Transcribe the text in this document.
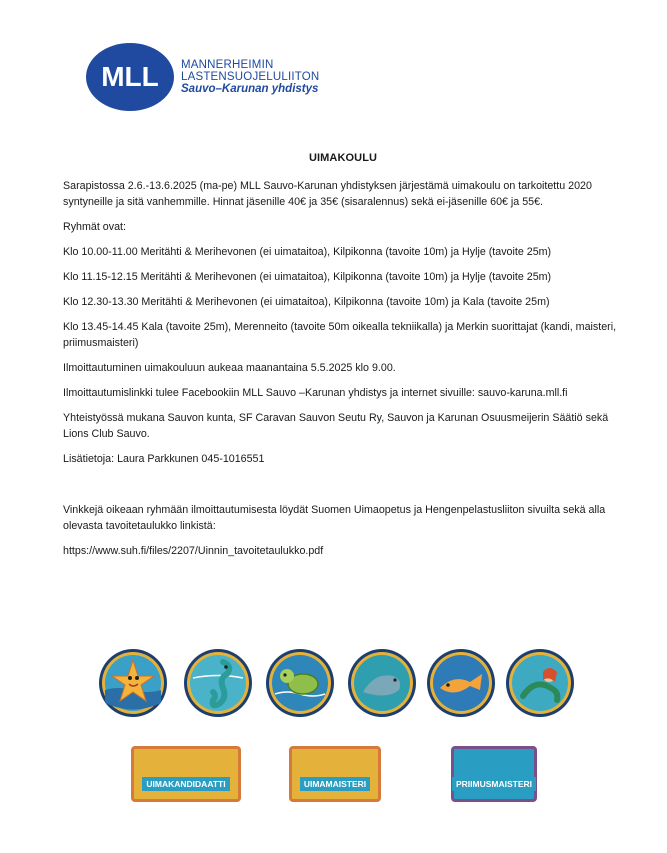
MLL	MANNERHEIMIN
LASTENSUOJELULIITON
Sauvo–Karunan yhdistys
UIMAKOULU

Sarapistossa 2.6.-13.6.2025 (ma-pe) MLL Sauvo-Karunan yhdistyksen järjestämä uimakoulu on tarkoitettu 2020 syntyneille ja sitä vanhemmille. Hinnat jäsenille 40€ ja 35€ (sisaralennus) sekä ei-jäsenille 60€ ja 55€.

Ryhmät ovat:

Klo 10.00-11.00 Meritähti & Merihevonen (ei uimataitoa), Kilpikonna (tavoite 10m) ja Hylje (tavoite 25m)

Klo 11.15-12.15 Meritähti & Merihevonen (ei uimataitoa), Kilpikonna (tavoite 10m) ja Hylje (tavoite 25m)

Klo 12.30-13.30 Meritähti & Merihevonen (ei uimataitoa), Kilpikonna (tavoite 10m) ja Kala (tavoite 25m)

Klo 13.45-14.45 Kala (tavoite 25m), Merenneito (tavoite 50m oikealla tekniikalla) ja Merkin suorittajat (kandi, maisteri, priimusmaisteri)

Ilmoittautuminen uimakouluun aukeaa maanantaina 5.5.2025 klo 9.00.

Ilmoittautumislinkki tulee Facebookiin MLL Sauvo –Karunan yhdistys ja internet sivuille: sauvo-karuna.mll.fi

Yhteistyössä mukana Sauvon kunta, SF Caravan Sauvon Seutu Ry, Sauvon ja Karunan Osuusmeijerin Säätiö sekä Lions Club Sauvo.

Lisätietoja: Laura Parkkunen 045-1016551

Vinkkejä oikeaan ryhmään ilmoittautumisesta löydät Suomen Uimaopetus ja Hengenpelastusliiton sivuilta sekä alla olevasta tavoitetaulukko linkistä:

https://www.suh.fi/files/2207/Uinnin_tavoitetaulukko.pdf

UIMAKANDIDAATTI	UIMAMAISTERI	PRIIMUSMAISTERI
